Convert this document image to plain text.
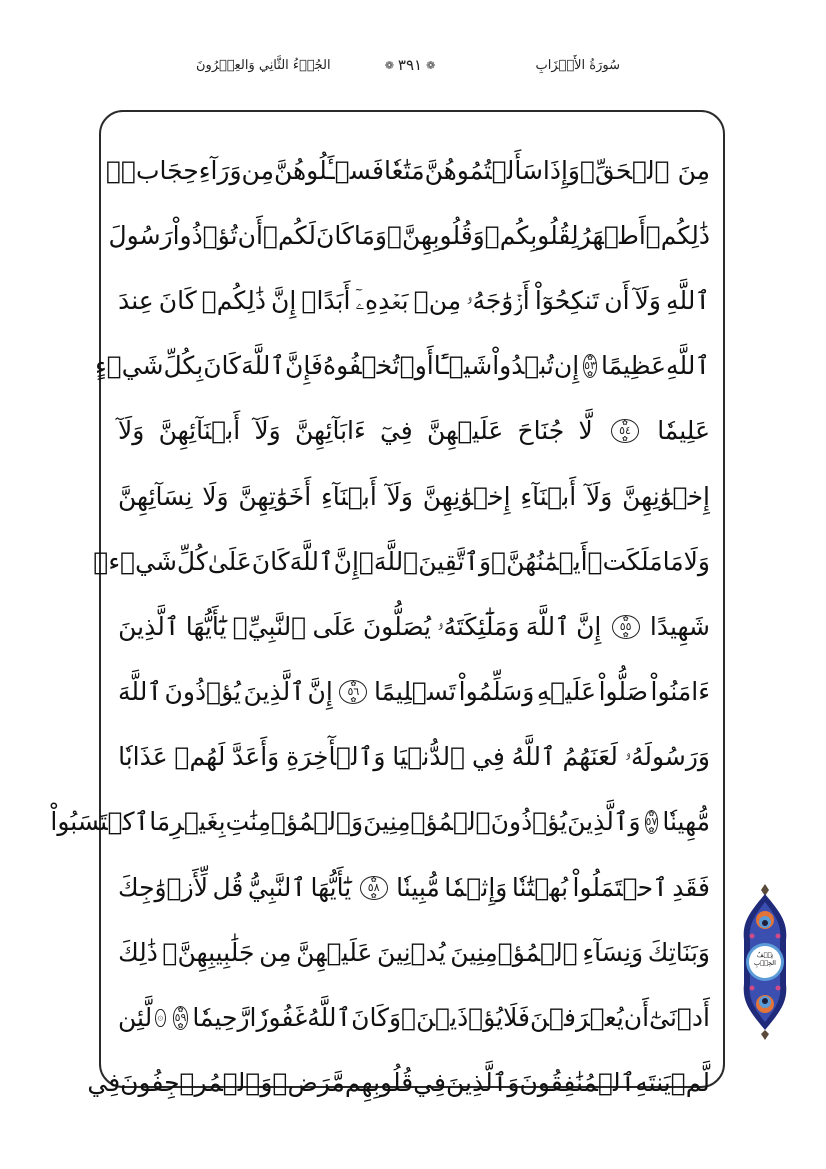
سُورَةُ الأَحۡزَابِ
❁ ٣٩١ ❁
الجُزۡءُ الثَّانِي وَالعِشۡرُونَ
مِنَ ٱلۡحَقِّۚ
وَإِذَا
سَأَلۡتُمُوهُنَّ
مَتَٰعٗا
فَسۡـَٔلُوهُنَّ
مِن
وَرَآءِ
حِجَابٖۚ
ذَٰلِكُمۡ
أَطۡهَرُ
لِقُلُوبِكُمۡ
وَقُلُوبِهِنَّۚ
وَمَا
كَانَ
لَكُمۡ
أَن
تُؤۡذُواْ
رَسُولَ
ٱللَّهِ
وَلَآ
أَن
تَنكِحُوٓاْ
أَزۡوَٰجَهُۥ
مِنۢ
بَعۡدِهِۦٓ
أَبَدًاۚ
إِنَّ
ذَٰلِكُمۡ
كَانَ
عِندَ
ٱللَّهِ
عَظِيمًا
✿ ٥٣ ✿
إِن
تُبۡدُواْ
شَيۡـًٔا
أَوۡ
تُخۡفُوهُ
فَإِنَّ
ٱللَّهَ
كَانَ
بِكُلِّ
شَيۡءٍ
عَلِيمٗا
✿ ٥٤ ✿
لَّا
جُنَاحَ
عَلَيۡهِنَّ
فِيٓ
ءَابَآئِهِنَّ
وَلَآ
أَبۡنَآئِهِنَّ
وَلَآ
إِخۡوَٰنِهِنَّ
وَلَآ
أَبۡنَآءِ
إِخۡوَٰنِهِنَّ
وَلَآ
أَبۡنَآءِ
أَخَوَٰتِهِنَّ
وَلَا
نِسَآئِهِنَّ
وَلَا
مَا
مَلَكَتۡ
أَيۡمَٰنُهُنَّۗ
وَٱتَّقِينَ
ٱللَّهَۚ
إِنَّ
ٱللَّهَ
كَانَ
عَلَىٰ
كُلِّ
شَيۡءٖ
شَهِيدًا
✿ ٥٥ ✿
إِنَّ
ٱللَّهَ
وَمَلَٰٓئِكَتَهُۥ
يُصَلُّونَ
عَلَى
ٱلنَّبِيِّۚ
يَٰٓأَيُّهَا
ٱلَّذِينَ
ءَامَنُواْ
صَلُّواْ
عَلَيۡهِ
وَسَلِّمُواْ
تَسۡلِيمًا
✿ ٥٦ ✿
إِنَّ
ٱلَّذِينَ
يُؤۡذُونَ
ٱللَّهَ
وَرَسُولَهُۥ
لَعَنَهُمُ
ٱللَّهُ
فِي
ٱلدُّنۡيَا
وَٱلۡأٓخِرَةِ
وَأَعَدَّ
لَهُمۡ
عَذَابٗا
مُّهِينٗا
✿ ٥٧ ✿
وَٱلَّذِينَ
يُؤۡذُونَ
ٱلۡمُؤۡمِنِينَ
وَٱلۡمُؤۡمِنَٰتِ
بِغَيۡرِ
مَا
ٱكۡتَسَبُواْ
فَقَدِ
ٱحۡتَمَلُواْ
بُهۡتَٰنٗا
وَإِثۡمٗا
مُّبِينٗا
✿ ٥٨ ✿
يَٰٓأَيُّهَا
ٱلنَّبِيُّ
قُل
لِّأَزۡوَٰجِكَ
وَبَنَاتِكَ
وَنِسَآءِ
ٱلۡمُؤۡمِنِينَ
يُدۡنِينَ
عَلَيۡهِنَّ
مِن
جَلَٰبِيبِهِنَّۚ
ذَٰلِكَ
أَدۡنَىٰٓ
أَن
يُعۡرَفۡنَ
فَلَا
يُؤۡذَيۡنَۗ
وَكَانَ
ٱللَّهُ
غَفُورٗا
رَّحِيمٗا
✿ ٥٩ ✿
۞
لَّئِن
لَّمۡ
يَنتَهِ
ٱلۡمُنَٰفِقُونَ
وَٱلَّذِينَ
فِي
قُلُوبِهِم
مَّرَضٞ
وَٱلۡمُرۡجِفُونَ
فِي
نِصۡفُ
الحِزۡبِ
